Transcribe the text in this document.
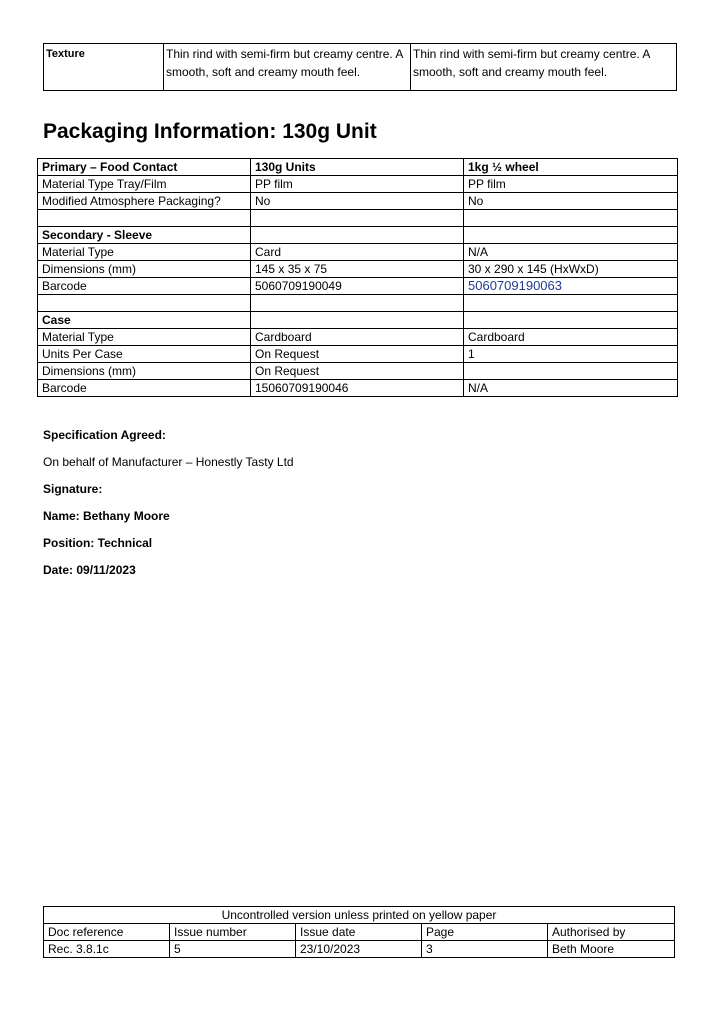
Texture	Thin rind with semi-firm but creamy centre. A smooth, soft and creamy mouth feel.	Thin rind with semi-firm but creamy centre. A smooth, soft and creamy mouth feel.
Packaging Information: 130g Unit
Primary – Food Contact	130g Units	1kg ½ wheel
Material Type Tray/Film	PP film	PP film
Modified Atmosphere Packaging?	No	No

Secondary - Sleeve		
Material Type	Card	N/A
Dimensions (mm)	145 x 35 x 75	30 x 290 x 145 (HxWxD)
Barcode	5060709190049	5060709190063

Case		
Material Type	Cardboard	Cardboard
Units Per Case	On Request	1
Dimensions (mm)	On Request	
Barcode	15060709190046	N/A
Specification Agreed:
On behalf of Manufacturer – Honestly Tasty Ltd
Signature:
Name: Bethany Moore
Position: Technical
Date: 09/11/2023
Uncontrolled version unless printed on yellow paper				
Doc reference	Issue number	Issue date	Page	Authorised by
Rec. 3.8.1c	5	23/10/2023	3	Beth Moore
